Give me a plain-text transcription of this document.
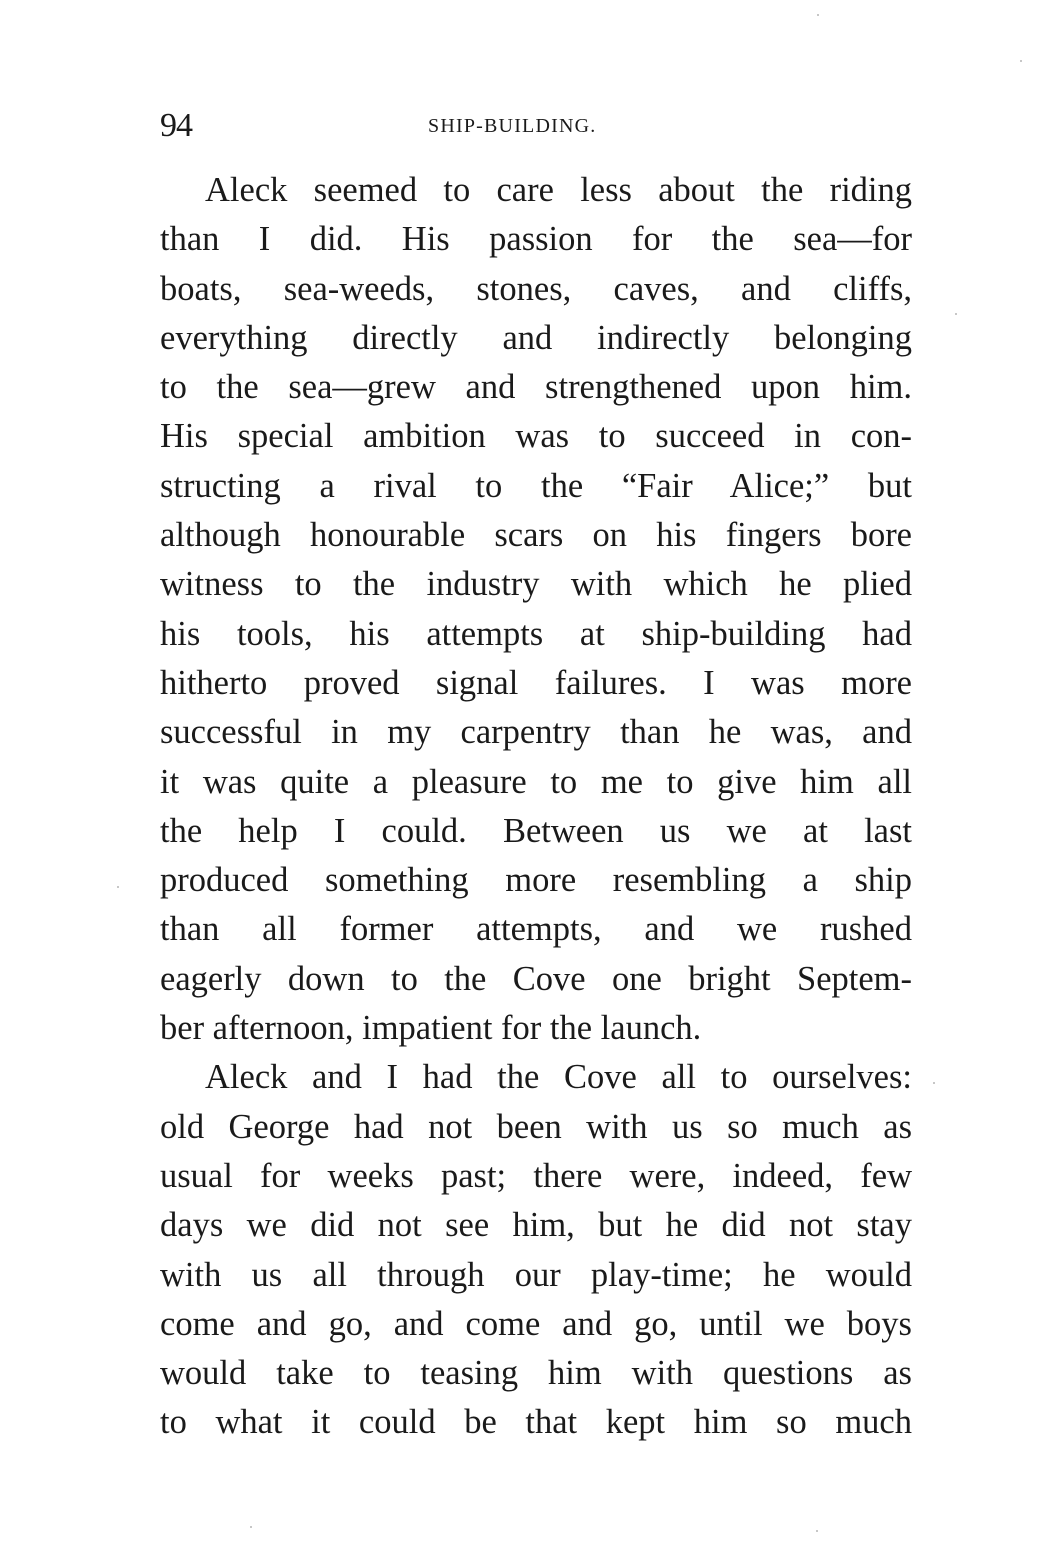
94	SHIP-BUILDING.
Aleck seemed to care less about the riding
than I did. His passion for the sea—for
boats, sea-weeds, stones, caves, and cliffs,
everything directly and indirectly belonging
to the sea—grew and strengthened upon him.
His special ambition was to succeed in con-
structing a rival to the “Fair Alice;” but
although honourable scars on his fingers bore
witness to the industry with which he plied
his tools, his attempts at ship-building had
hitherto proved signal failures. I was more
successful in my carpentry than he was, and
it was quite a pleasure to me to give him all
the help I could. Between us we at last
produced something more resembling a ship
than all former attempts, and we rushed
eagerly down to the Cove one bright Septem-
ber afternoon, impatient for the launch.
Aleck and I had the Cove all to ourselves:
old George had not been with us so much as
usual for weeks past; there were, indeed, few
days we did not see him, but he did not stay
with us all through our play-time; he would
come and go, and come and go, until we boys
would take to teasing him with questions as
to what it could be that kept him so much
